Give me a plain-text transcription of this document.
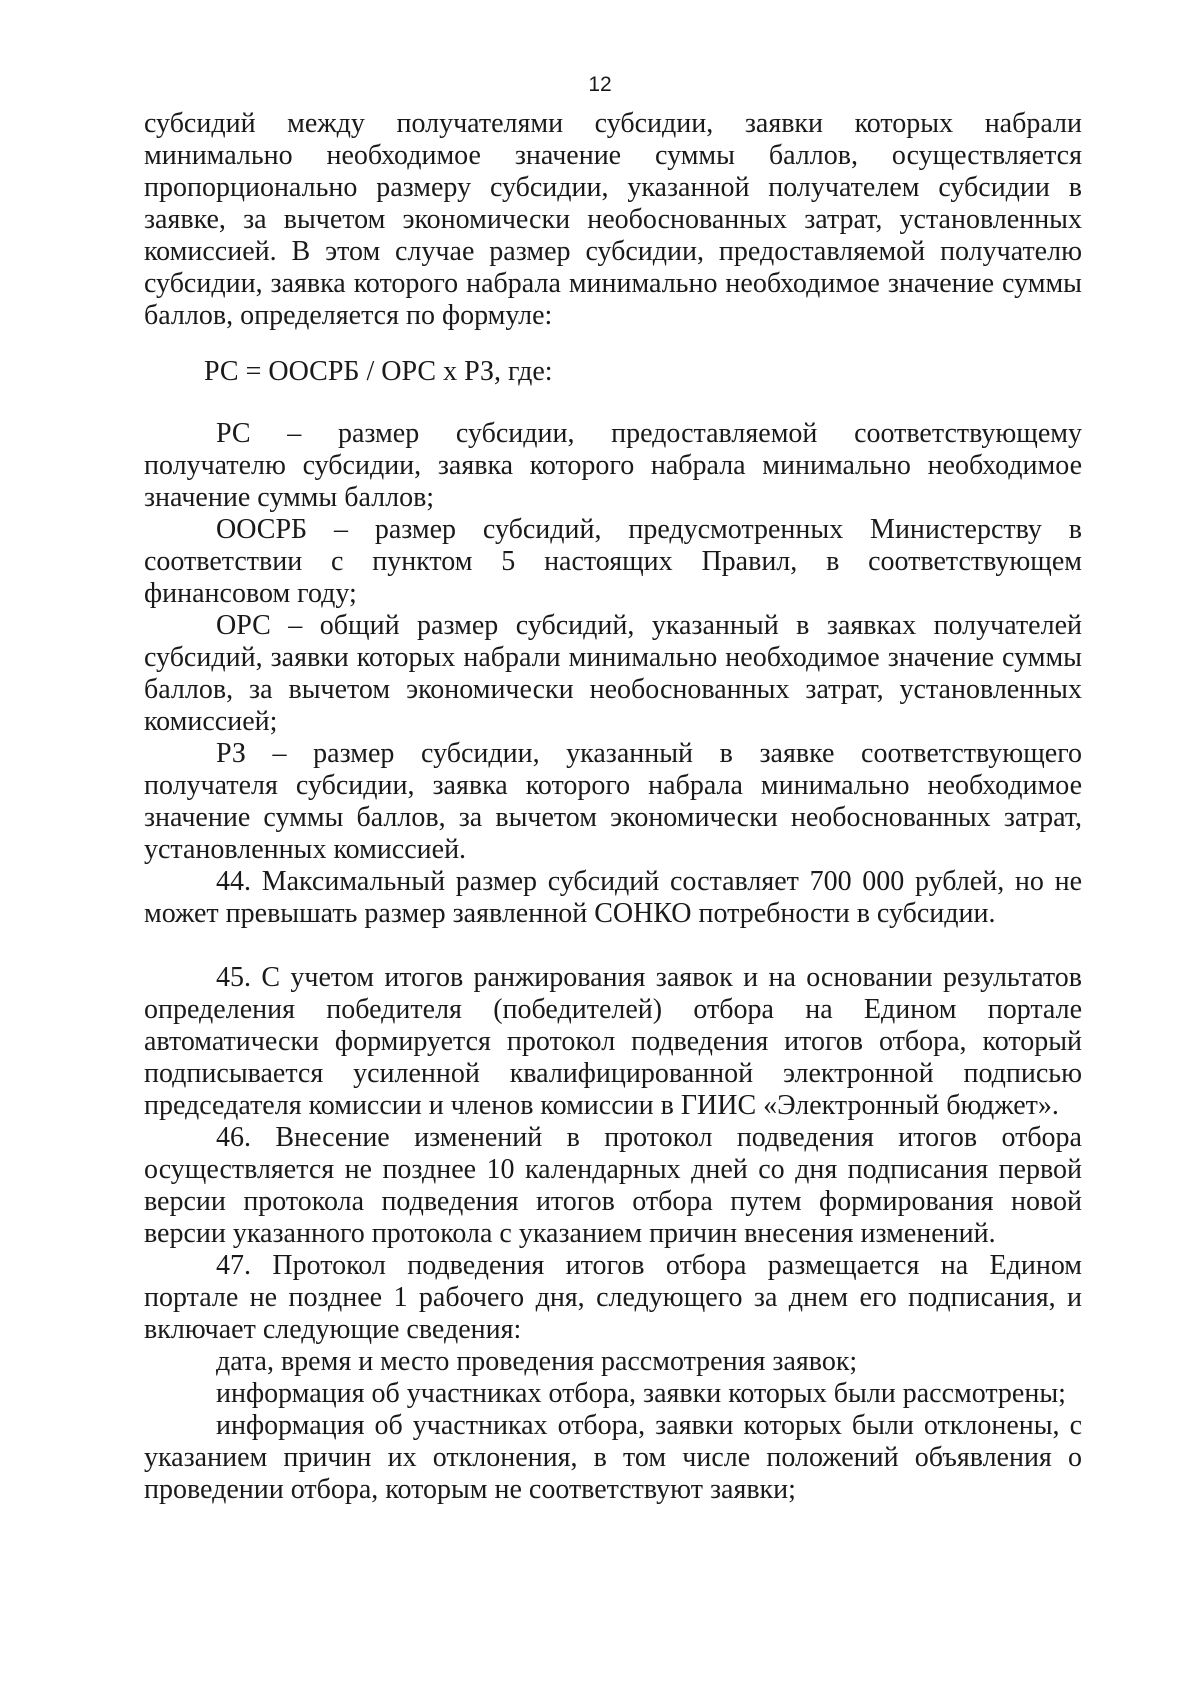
12

субсидий между получателями субсидии, заявки которых набрали минимально необходимое значение суммы баллов, осуществляется пропорционально размеру субсидии, указанной получателем субсидии в заявке, за вычетом экономически необоснованных затрат, установленных комиссией. В этом случае размер субсидии, предоставляемой получателю субсидии, заявка которого набрала минимально необходимое значение суммы баллов, определяется по формуле:

РС = ООСРБ / ОРС х РЗ, где:

РС – размер субсидии, предоставляемой соответствующему получателю субсидии, заявка которого набрала минимально необходимое значение суммы баллов;

ООСРБ – размер субсидий, предусмотренных Министерству в соответствии с пунктом 5 настоящих Правил, в соответствующем финансовом году;

ОРС – общий размер субсидий, указанный в заявках получателей субсидий, заявки которых набрали минимально необходимое значение суммы баллов, за вычетом экономически необоснованных затрат, установленных комиссией;

РЗ – размер субсидии, указанный в заявке соответствующего получателя субсидии, заявка которого набрала минимально необходимое значение суммы баллов, за вычетом экономически необоснованных затрат, установленных комиссией.

44. Максимальный размер субсидий составляет 700 000 рублей, но не может превышать размер заявленной СОНКО потребности в субсидии.

45. С учетом итогов ранжирования заявок и на основании результатов определения победителя (победителей) отбора на Едином портале автоматически формируется протокол подведения итогов отбора, который подписывается усиленной квалифицированной электронной подписью председателя комиссии и членов комиссии в ГИИС «Электронный бюджет».

46. Внесение изменений в протокол подведения итогов отбора осуществляется не позднее 10 календарных дней со дня подписания первой версии протокола подведения итогов отбора путем формирования новой версии указанного протокола с указанием причин внесения изменений.

47. Протокол подведения итогов отбора размещается на Едином портале не позднее 1 рабочего дня, следующего за днем его подписания, и включает следующие сведения:

дата, время и место проведения рассмотрения заявок;

информация об участниках отбора, заявки которых были рассмотрены;

информация об участниках отбора, заявки которых были отклонены, с указанием причин их отклонения, в том числе положений объявления о проведении отбора, которым не соответствуют заявки;
